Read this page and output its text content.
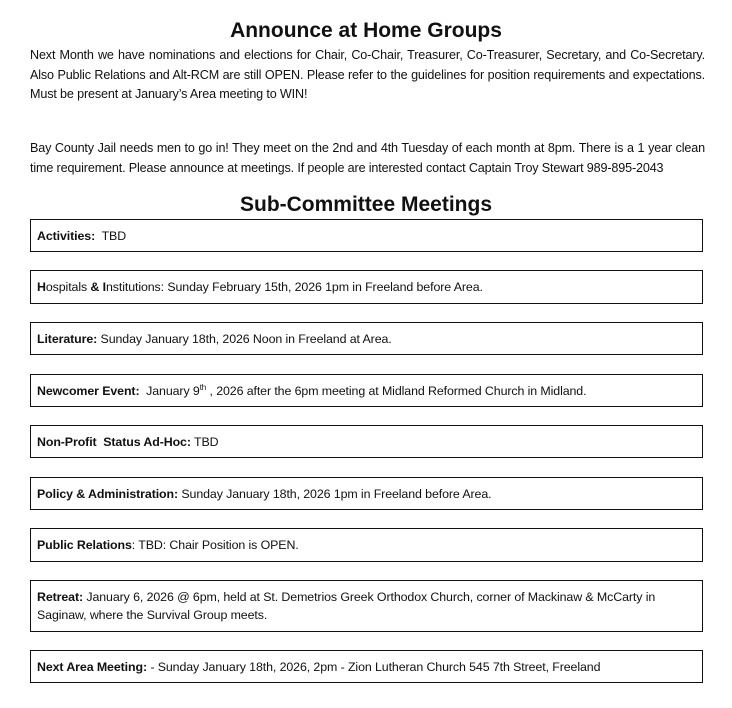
Announce at Home Groups
Next Month we have nominations and elections for Chair, Co-Chair, Treasurer, Co-Treasurer, Secretary, and Co-Secretary. Also Public Relations and Alt-RCM are still OPEN. Please refer to the guidelines for position requirements and expectations. Must be present at January’s Area meeting to WIN!
Bay County Jail needs men to go in! They meet on the 2nd and 4th Tuesday of each month at 8pm. There is a 1 year clean time requirement. Please announce at meetings. If people are interested contact Captain Troy Stewart 989-895-2043
Sub-Committee Meetings
Activities:  TBD
Hospitals & Institutions: Sunday February 15th, 2026 1pm in Freeland before Area.
Literature: Sunday January 18th, 2026 Noon in Freeland at Area.
Newcomer Event:  January 9th , 2026 after the 6pm meeting at Midland Reformed Church in Midland.
Non-Profit  Status Ad-Hoc: TBD
Policy & Administration: Sunday January 18th, 2026 1pm in Freeland before Area.
Public Relations: TBD: Chair Position is OPEN.
Retreat: January 6, 2026 @ 6pm, held at St. Demetrios Greek Orthodox Church, corner of Mackinaw & McCarty in Saginaw, where the Survival Group meets.
Next Area Meeting: - Sunday January 18th, 2026, 2pm - Zion Lutheran Church 545 7th Street, Freeland
